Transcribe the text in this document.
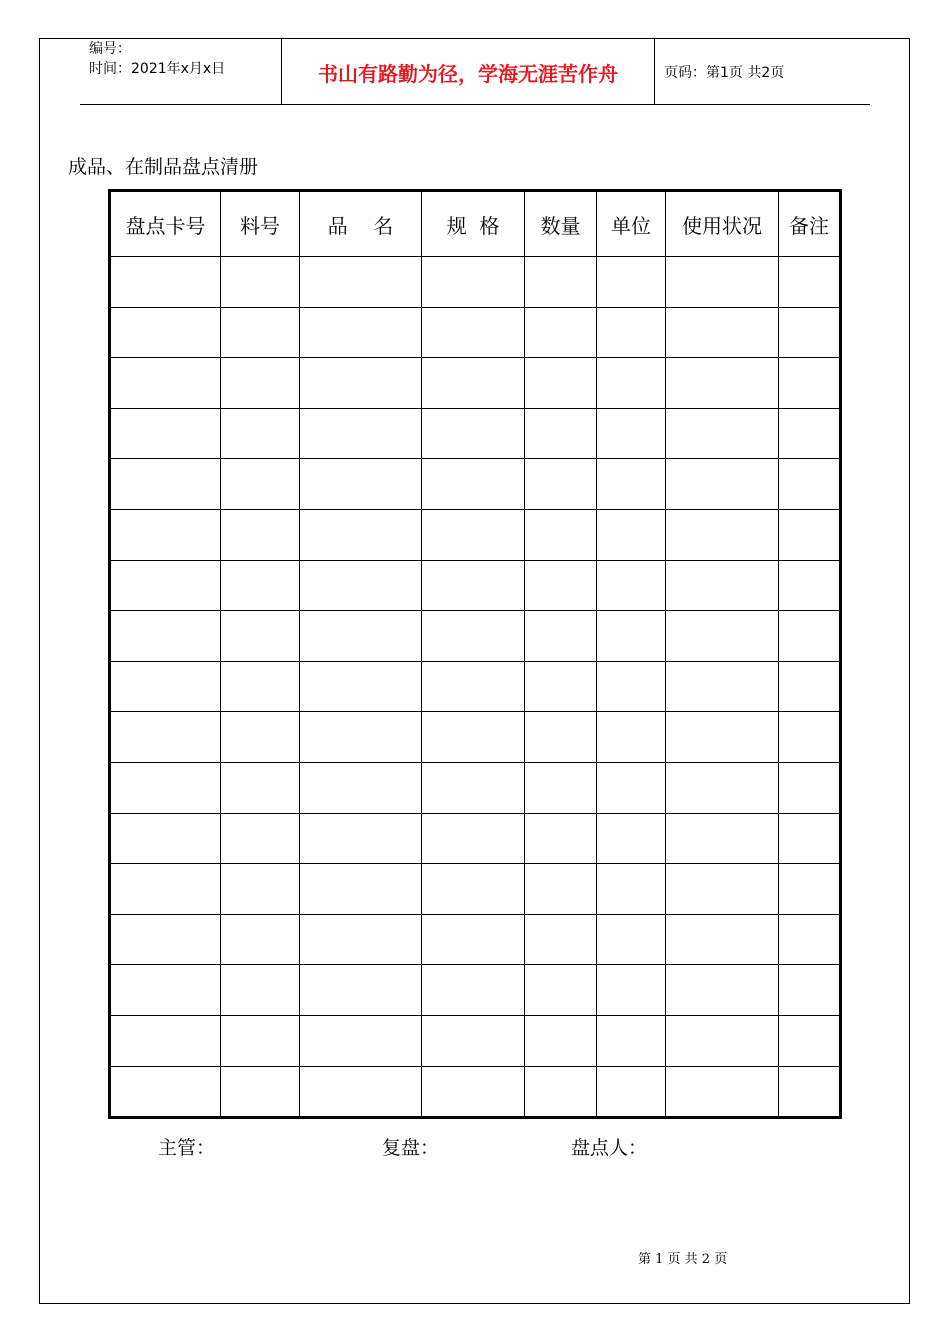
编号：
时间：2021年x月x日	书山有路勤为径，学海无涯苦作舟	页码：第1页 共2页
成品、在制品盘点清册
盘点卡号	料号	品    名	规  格	数量	单位	使用状况	备注

主管：	复盘：	盘点人：
第 1 页 共 2 页
